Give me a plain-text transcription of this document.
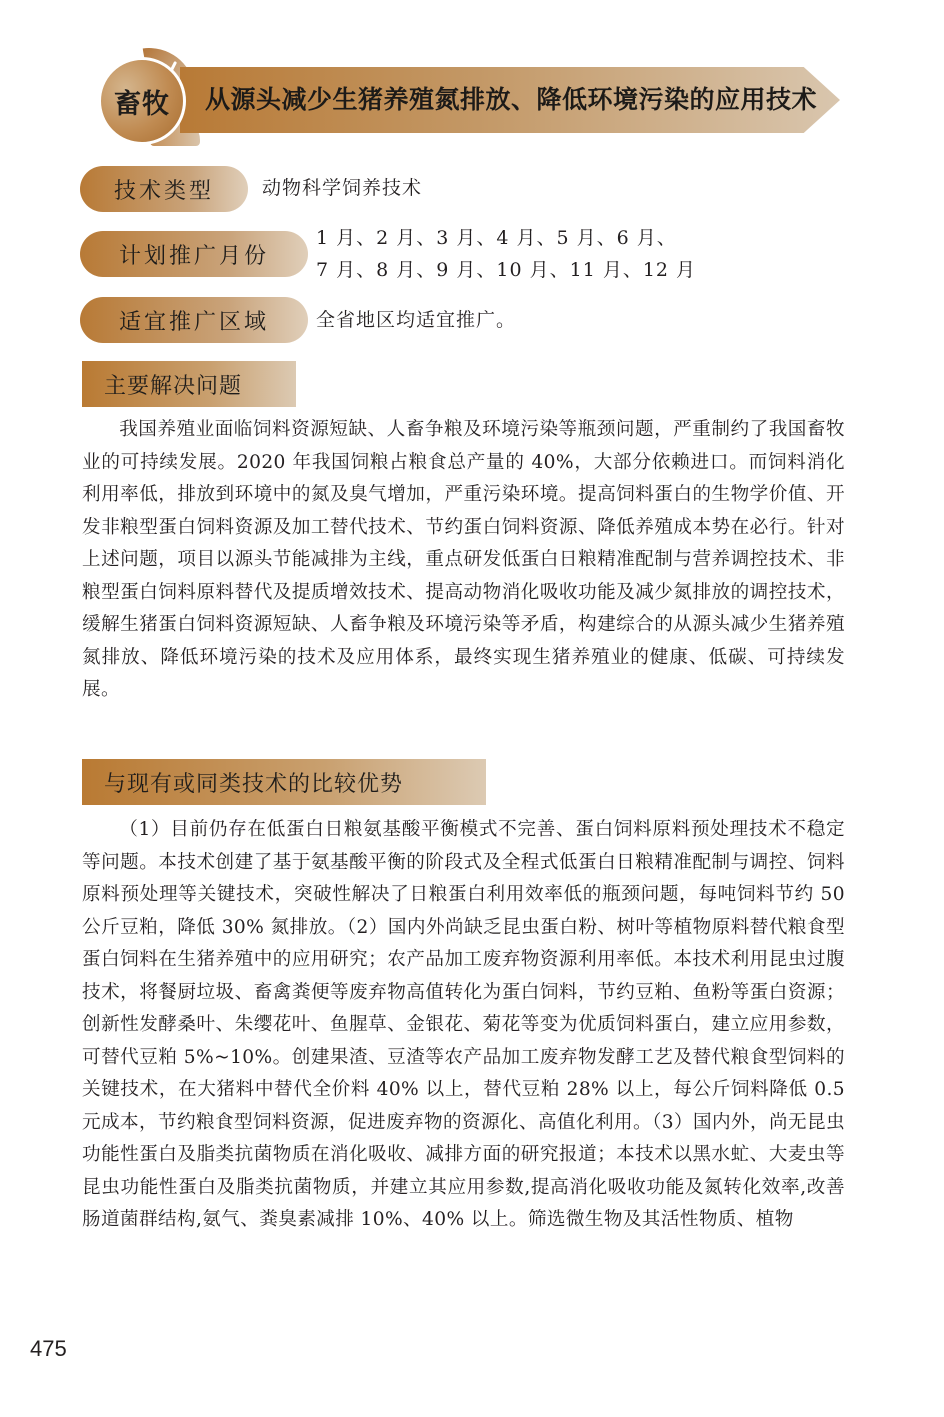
畜牧 从源头减少生猪养殖氮排放、降低环境污染的应用技术
技术类型	动物科学饲养技术
计划推广月份
1 月、2 月、3 月、4 月、5 月、6 月、
7 月、8 月、9 月、10 月、11 月、12 月
适宜推广区域	全省地区均适宜推广。
主要解决问题
我国养殖业面临饲料资源短缺、人畜争粮及环境污染等瓶颈问题，严重制约了我国畜牧业的可持续发展。2020 年我国饲粮占粮食总产量的 40%，大部分依赖进口。而饲料消化利用率低，排放到环境中的氮及臭气增加，严重污染环境。提高饲料蛋白的生物学价值、开发非粮型蛋白饲料资源及加工替代技术、节约蛋白饲料资源、降低养殖成本势在必行。针对上述问题，项目以源头节能减排为主线，重点研发低蛋白日粮精准配制与营养调控技术、非粮型蛋白饲料原料替代及提质增效技术、提高动物消化吸收功能及减少氮排放的调控技术，缓解生猪蛋白饲料资源短缺、人畜争粮及环境污染等矛盾，构建综合的从源头减少生猪养殖氮排放、降低环境污染的技术及应用体系，最终实现生猪养殖业的健康、低碳、可持续发展。
与现有或同类技术的比较优势
（1）目前仍存在低蛋白日粮氨基酸平衡模式不完善、蛋白饲料原料预处理技术不稳定等问题。本技术创建了基于氨基酸平衡的阶段式及全程式低蛋白日粮精准配制与调控、饲料原料预处理等关键技术，突破性解决了日粮蛋白利用效率低的瓶颈问题，每吨饲料节约 50 公斤豆粕，降低 30% 氮排放。（2）国内外尚缺乏昆虫蛋白粉、树叶等植物原料替代粮食型蛋白饲料在生猪养殖中的应用研究；农产品加工废弃物资源利用率低。本技术利用昆虫过腹技术，将餐厨垃圾、畜禽粪便等废弃物高值转化为蛋白饲料，节约豆粕、鱼粉等蛋白资源；创新性发酵桑叶、朱缨花叶、鱼腥草、金银花、菊花等变为优质饲料蛋白，建立应用参数，可替代豆粕 5%~10%。创建果渣、豆渣等农产品加工废弃物发酵工艺及替代粮食型饲料的关键技术，在大猪料中替代全价料 40% 以上，替代豆粕 28% 以上，每公斤饲料降低 0.5 元成本，节约粮食型饲料资源，促进废弃物的资源化、高值化利用。（3）国内外，尚无昆虫功能性蛋白及脂类抗菌物质在消化吸收、减排方面的研究报道；本技术以黑水虻、大麦虫等昆虫功能性蛋白及脂类抗菌物质，并建立其应用参数,提高消化吸收功能及氮转化效率,改善肠道菌群结构,氨气、粪臭素减排 10%、40% 以上。筛选微生物及其活性物质、植物
475
